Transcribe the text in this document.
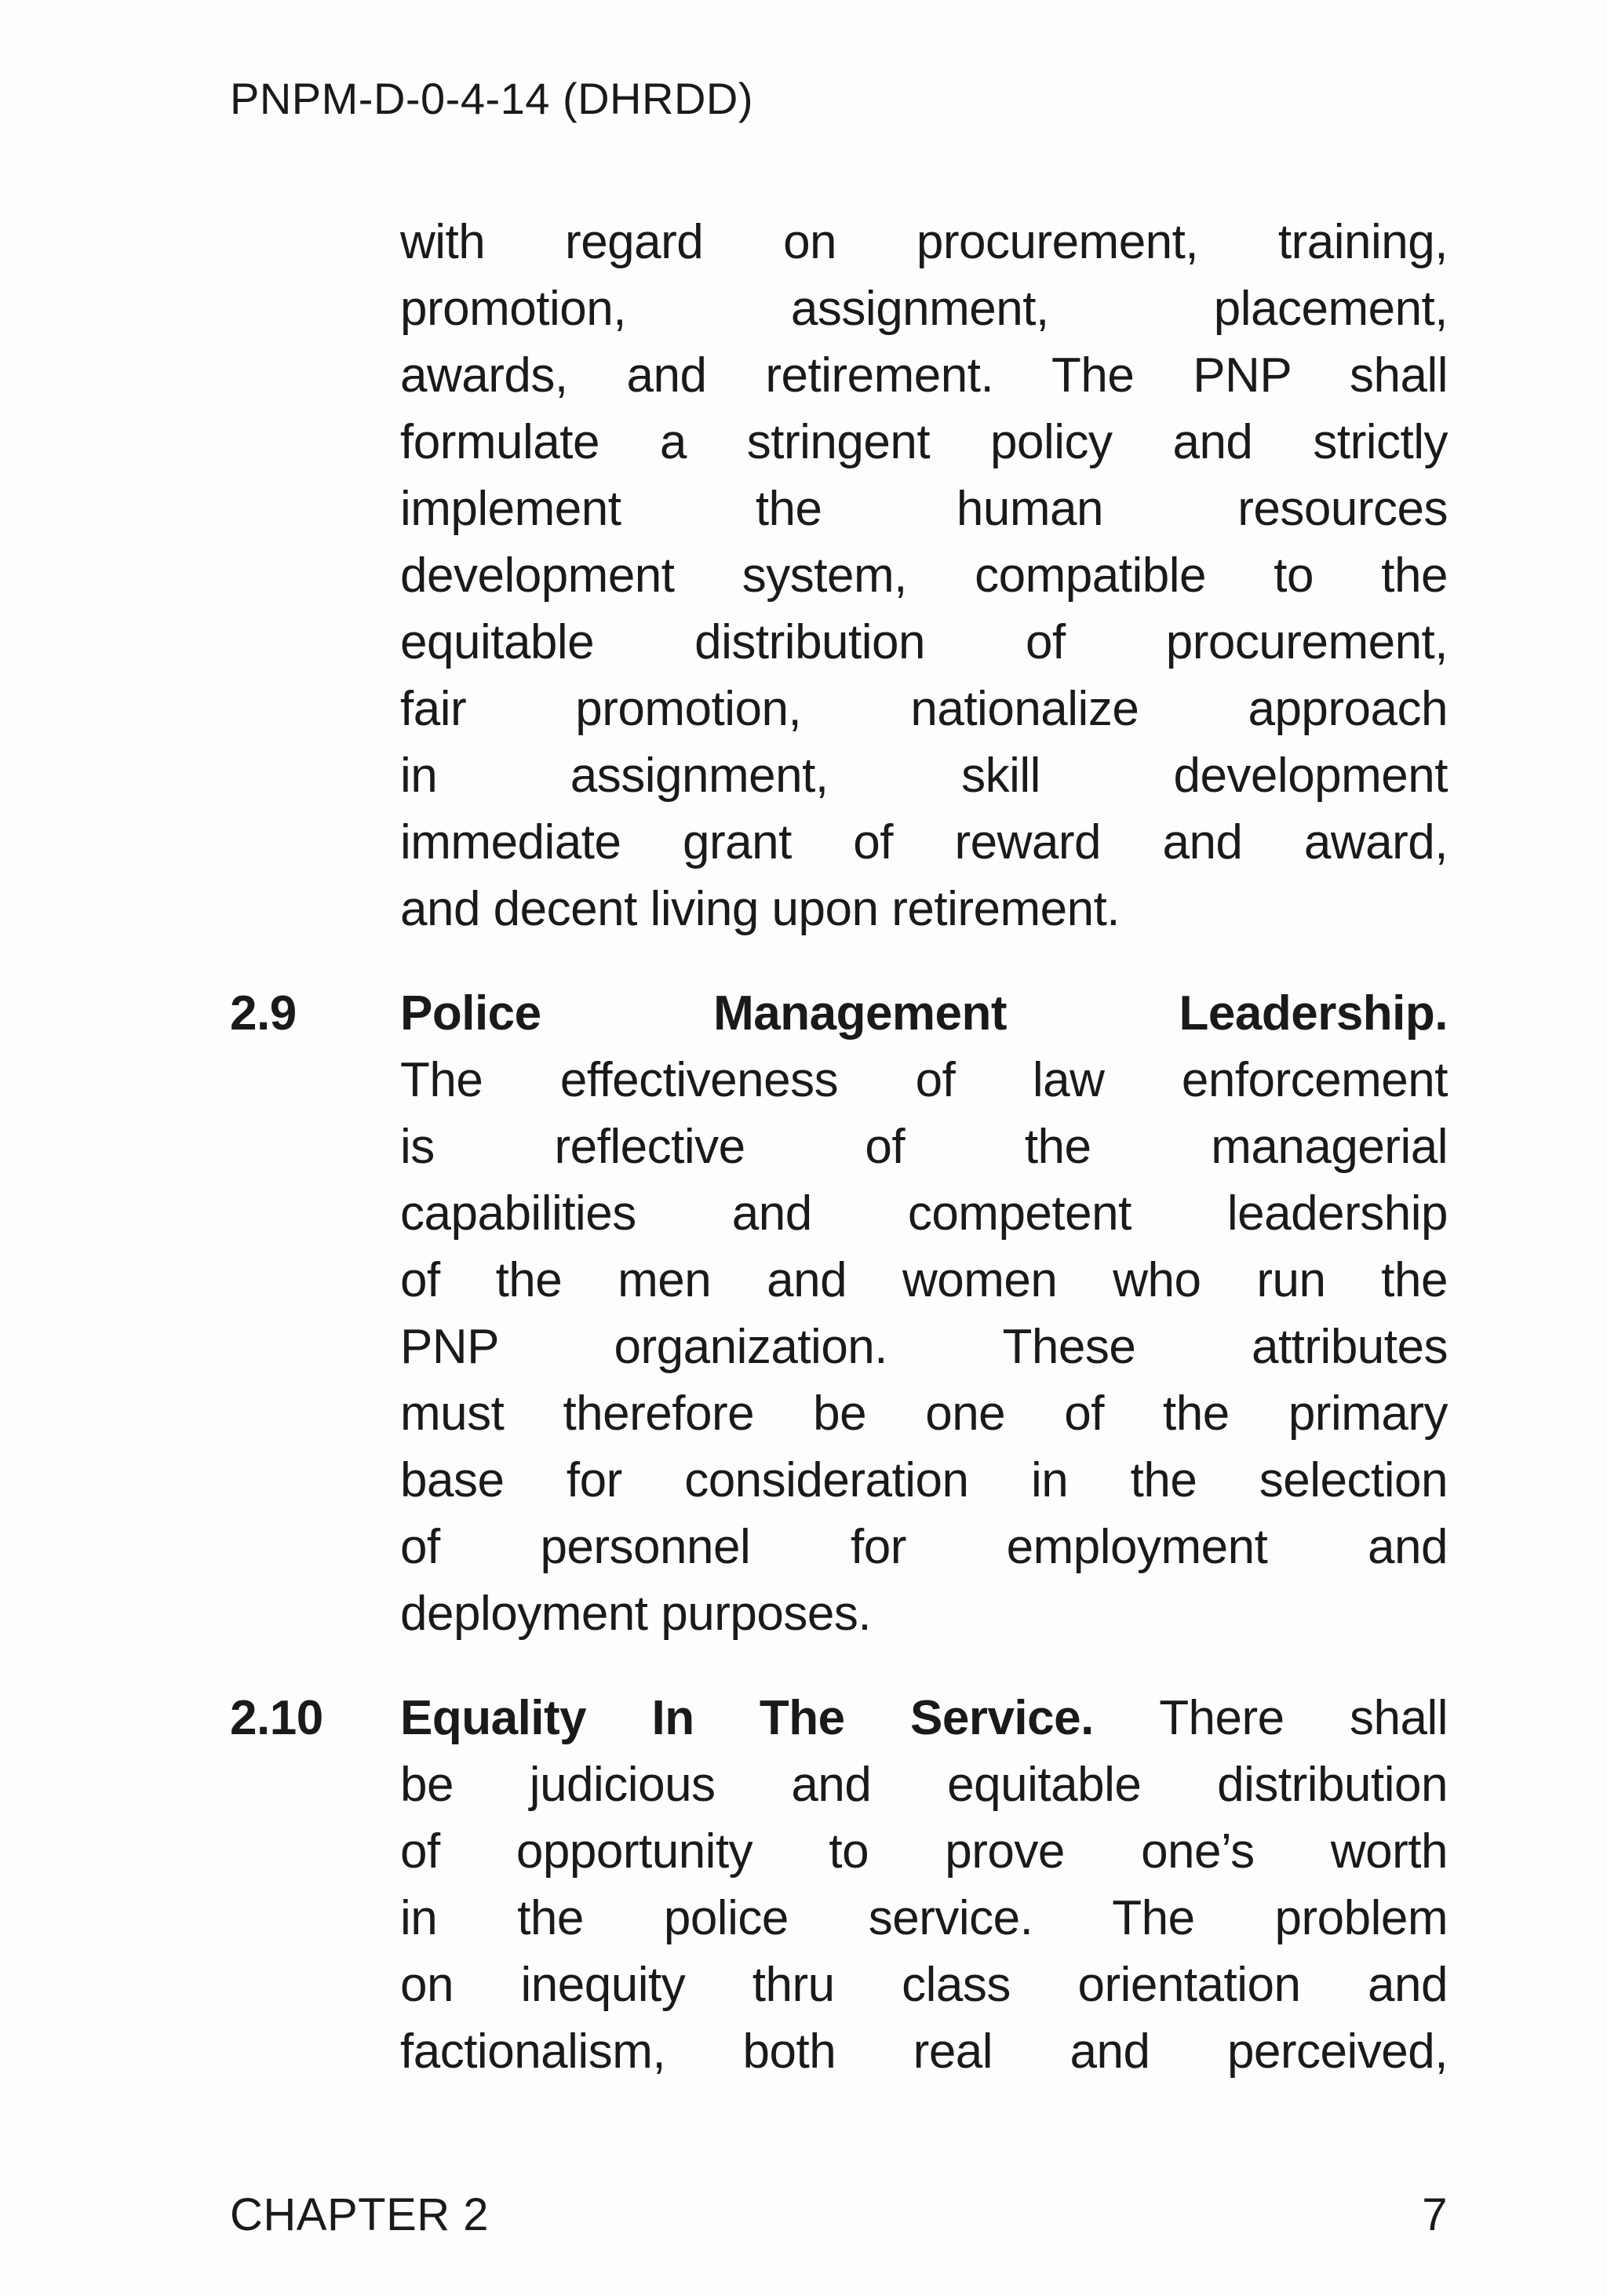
PNPM-D-0-4-14 (DHRDD)
with regard on procurement, training,
promotion, assignment, placement,
awards, and retirement. The PNP shall
formulate a stringent policy and strictly
implement the human resources
development system, compatible to the
equitable distribution of procurement,
fair promotion, nationalize approach
in assignment, skill development
immediate grant of reward and award,
and decent living upon retirement.
2.9	Police Management Leadership.
The effectiveness of law enforcement
is reflective of the managerial
capabilities and competent leadership
of the men and women who run the
PNP organization. These attributes
must therefore be one of the primary
base for consideration in the selection
of personnel for employment and
deployment purposes.
2.10	Equality In The Service. There shall
be judicious and equitable distribution
of opportunity to prove one’s worth
in the police service. The problem
on inequity thru class orientation and
factionalism, both real and perceived,
CHAPTER 2	7
